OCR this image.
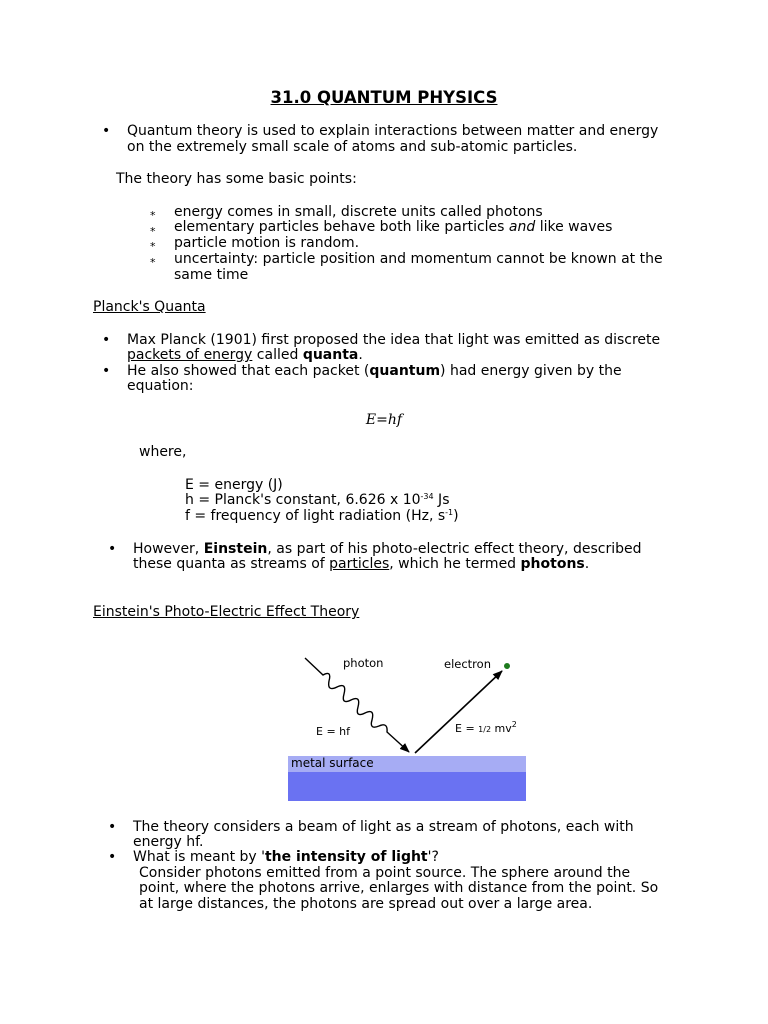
31.0 QUANTUM PHYSICS
• Quantum theory is used to explain interactions between matter and energy
on the extremely small scale of atoms and sub-atomic particles.
The theory has some basic points:
* energy comes in small, discrete units called photons
* elementary particles behave both like particles and like waves
* particle motion is random.
* uncertainty: particle position and momentum cannot be known at the
same time
Planck's Quanta
• Max Planck (1901) first proposed the idea that light was emitted as discrete
packets of energy called quanta.
• He also showed that each packet (quantum) had energy given by the
equation:
E=hf
where,
E = energy (J)
h = Planck's constant, 6.626 x $10^{-34}$ Js
f = frequency of light radiation (Hz, $s^{-1}$)
• However, Einstein, as part of his photo-electric effect theory, described
these quanta as streams of particles, which he termed photons.
Einstein's Photo-Electric Effect Theory
metal surface
photon	electron
E = hf	E = 1/2 $mv^2$
• The theory considers a beam of light as a stream of photons, each with
energy hf.
• What is meant by 'the intensity of light'?
Consider photons emitted from a point source. The sphere around the
point, where the photons arrive, enlarges with distance from the point. So
at large distances, the photons are spread out over a large area.
